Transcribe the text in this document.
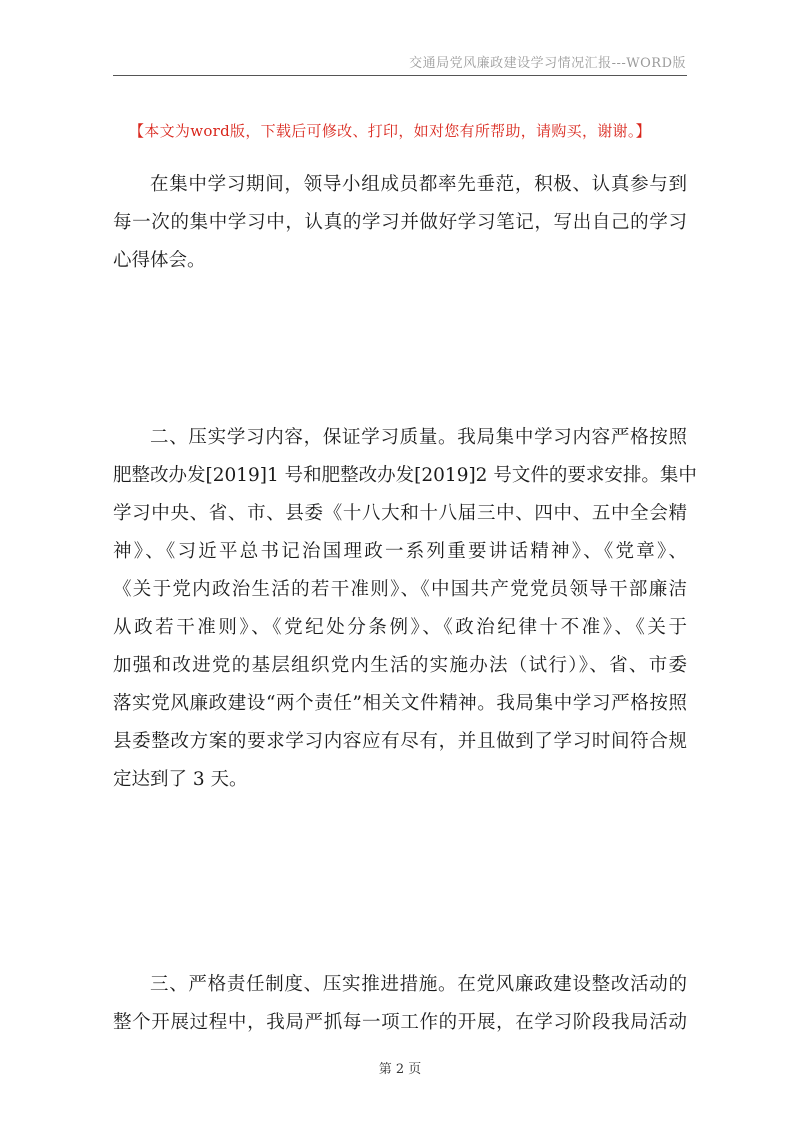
交通局党风廉政建设学习情况汇报---WORD版
【本文为word版，下载后可修改、打印，如对您有所帮助，请购买，谢谢。】
在集中学习期间，领导小组成员都率先垂范，积极、认真参与到
每一次的集中学习中，认真的学习并做好学习笔记，写出自己的学习
心得体会。
二、压实学习内容，保证学习质量。我局集中学习内容严格按照
肥整改办发[2019]1 号和肥整改办发[2019]2 号文件的要求安排。集中
学习中央、省、市、县委《十八大和十八届三中、四中、五中全会精
神》、《习近平总书记治国理政一系列重要讲话精神》、《党章》、
《关于党内政治生活的若干准则》、《中国共产党党员领导干部廉洁
从政若干准则》、《党纪处分条例》、《政治纪律十不准》、《关于
加强和改进党的基层组织党内生活的实施办法（试行）》、省、市委
落实党风廉政建设“两个责任”相关文件精神。我局集中学习严格按照
县委整改方案的要求学习内容应有尽有，并且做到了学习时间符合规
定达到了 3 天。
三、严格责任制度、压实推进措施。在党风廉政建设整改活动的
整个开展过程中，我局严抓每一项工作的开展，在学习阶段我局活动
第 2 页
